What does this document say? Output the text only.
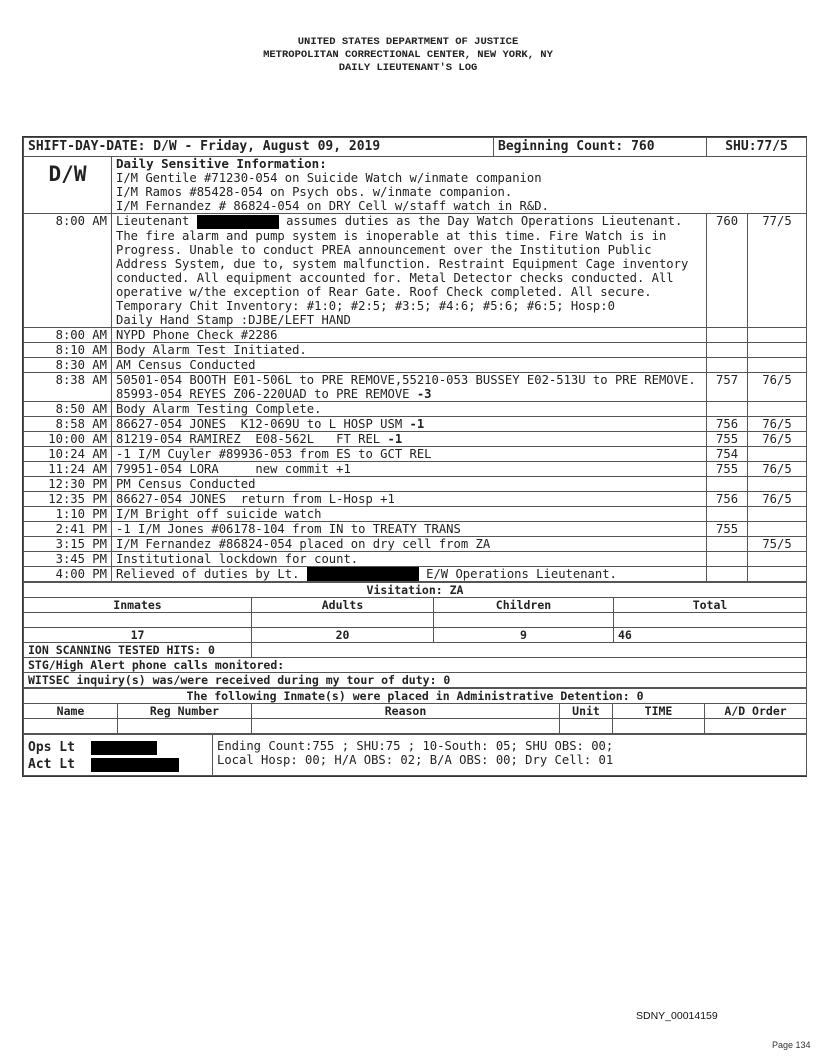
UNITED STATES DEPARTMENT OF JUSTICE
METROPOLITAN CORRECTIONAL CENTER, NEW YORK, NY
DAILY LIEUTENANT'S LOG
SHIFT-DAY-DATE: D/W - Friday, August 09, 2019		Beginning Count: 760	SHU:77/5	
D/W	Daily Sensitive Information:
I/M Gentile #71230-054 on Suicide Watch w/inmate companion
I/M Ramos #85428-054 on Psych obs. w/inmate companion.
I/M Fernandez # 86824-054 on DRY Cell w/staff watch in R&D.			

8:00 AM	Lieutenant assumes duties as the Day Watch Operations Lieutenant. The fire alarm and pump system is inoperable at this time. Fire Watch is in Progress. Unable to conduct PREA announcement over the Institution Public Address System, due to, system malfunction. Restraint Equipment Cage inventory conducted. All equipment accounted for. Metal Detector checks conducted. All operative w/the exception of Rear Gate. Roof Check completed. All secure. Temporary Chit Inventory: #1:0; #2:5; #3:5; #4:6; #5:6; #6:5; Hosp:0
Daily Hand Stamp :DJBE/LEFT HAND		760	77/5
8:00 AM	NYPD Phone Check #2286			
8:10 AM	Body Alarm Test Initiated.			
8:30 AM	AM Census Conducted			
8:38 AM	50501-054 BOOTH E01-506L to PRE REMOVE,55210-053 BUSSEY E02-513U to PRE REMOVE. 85993-054 REYES Z06-220UAD to PRE REMOVE -3		757	76/5
8:50 AM	Body Alarm Testing Complete.			
8:58 AM	86627-054 JONES  K12-069U to L HOSP USM -1		756	76/5
10:00 AM	81219-054 RAMIREZ  E08-562L   FT REL -1		755	76/5
10:24 AM	-1 I/M Cuyler #89936-053 from ES to GCT REL		754	
11:24 AM	79951-054 LORA     new commit +1		755	76/5
12:30 PM	PM Census Conducted			
12:35 PM	86627-054 JONES  return from L-Hosp +1		756	76/5
1:10 PM	I/M Bright off suicide watch			
2:41 PM	-1 I/M Jones #06178-104 from IN to TREATY TRANS		755	
3:15 PM	I/M Fernandez #86824-054 placed on dry cell from ZA			75/5
3:45 PM	Institutional lockdown for count.			
4:00 PM	Relieved of duties by Lt. E/W Operations Lieutenant.			
Visitation: ZA			
Inmates	Adults	Children	Total

17	20	9	46
ION SCANNING TESTED HITS: 0			
STG/High Alert phone calls monitored:			
WITSEC inquiry(s) was/were received during my tour of duty: 0			
The following Inmate(s) were placed in Administrative Detention: 0					
Name	Reg Number	Reason	Unit	TIME	A/D Order

Ops Lt
Act Lt

Ending Count:755 ; SHU:75 ; 10-South: 05; SHU OBS: 00;
Local Hosp: 00; H/A OBS: 02; B/A OBS: 00; Dry Cell: 01
SDNY_00014159
Page 134
